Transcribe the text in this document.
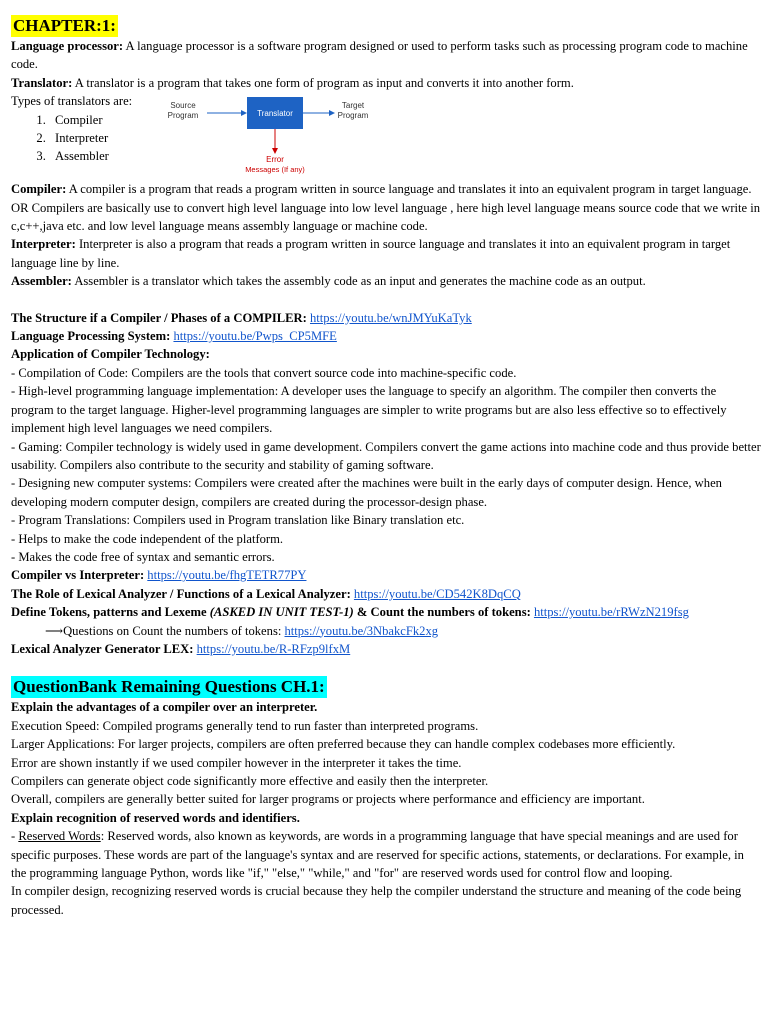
CHAPTER:1:

Language processor: A language processor is a software program designed or used to perform tasks such as processing program code to machine code.

Translator: A translator is a program that takes one form of program as input and converts it into another form.

Types of translators are:
1. Compiler
2. Interpreter
3. Assembler
Source
Program	Translator
Target
Program
Error
Messages (If any)

Compiler: A compiler is a program that reads a program written in source language and translates it into an equivalent program in target language.

OR Compilers are basically use to convert high level language into low level language , here high level language means source code that we write in c,c++,java etc. and low level language means assembly language or machine code.

Interpreter: Interpreter is also a program that reads a program written in source language and translates it into an equivalent program in target language line by line.

Assembler: Assembler is a translator which takes the assembly code as an input and generates the machine code as an output.

The Structure if a Compiler / Phases of a COMPILER: https://youtu.be/wnJMYuKaTyk

Language Processing System: https://youtu.be/Pwps_CP5MFE

Application of Compiler Technology:

- Compilation of Code: Compilers are the tools that convert source code into machine-specific code.

- High-level programming language implementation: A developer uses the language to specify an algorithm. The compiler then converts the program to the target language. Higher-level programming languages are simpler to write programs but are also less effective so to effectively implement high level languages we need compilers.

- Gaming: Compiler technology is widely used in game development. Compilers convert the game actions into machine code and thus provide better usability. Compilers also contribute to the security and stability of gaming software.

- Designing new computer systems: Compilers were created after the machines were built in the early days of computer design. Hence, when developing modern computer design, compilers are created during the processor-design phase.

- Program Translations: Compilers used in Program translation like Binary translation etc.

- Helps to make the code independent of the platform.

- Makes the code free of syntax and semantic errors.

Compiler vs Interpreter: https://youtu.be/fhgTETR77PY

The Role of Lexical Analyzer / Functions of a Lexical Analyzer: https://youtu.be/CD542K8DqCQ

Define Tokens, patterns and Lexeme (ASKED IN UNIT TEST-1) & Count the numbers of tokens: https://youtu.be/rRWzN219fsg

⟶Questions on Count the numbers of tokens: https://youtu.be/3NbakcFk2xg

Lexical Analyzer Generator LEX: https://youtu.be/R-RFzp9lfxM

QuestionBank Remaining Questions CH.1:

Explain the advantages of a compiler over an interpreter.

Execution Speed: Compiled programs generally tend to run faster than interpreted programs.

Larger Applications: For larger projects, compilers are often preferred because they can handle complex codebases more efficiently.

Error are shown instantly if we used compiler however in the interpreter it takes the time.

Compilers can generate object code significantly more effective and easily then the interpreter.

Overall, compilers are generally better suited for larger programs or projects where performance and efficiency are important.

Explain recognition of reserved words and identifiers.

- Reserved Words: Reserved words, also known as keywords, are words in a programming language that have special meanings and are used for specific purposes. These words are part of the language's syntax and are reserved for specific actions, statements, or declarations. For example, in the programming language Python, words like "if," "else," "while," and "for" are reserved words used for control flow and looping.

In compiler design, recognizing reserved words is crucial because they help the compiler understand the structure and meaning of the code being processed.
